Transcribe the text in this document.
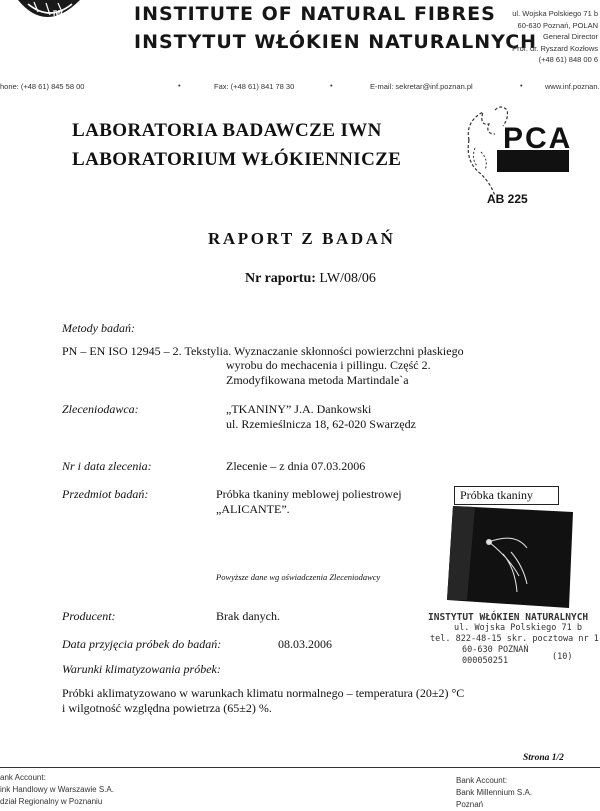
IW	INSTITUTE OF NATURAL FIBRES
INSTYTUT WŁÓKIEN NATURALNYCH
ul. Wojska Polskiego 71 b
60-630 Poznań, POLAN
General Director
Prof. dr. Ryszard Kozłows
(+48 61) 848 00 6
hone: (+48 61) 845 58 00	•	Fax: (+48 61) 841 78 30	•	E-mail: sekretar@inf.poznan.pl	•	www.inf.poznan.
LABORATORIA BADAWCZE IWN
LABORATORIUM WŁÓKIENNICZE
PCA
AB 225
RAPORT Z BADAŃ
Nr raportu: LW/08/06
Metody badań:
PN – EN ISO 12945 – 2. Tekstylia. Wyznaczanie skłonności powierzchni płaskiego
wyrobu do mechacenia i pillingu. Część 2.
Zmodyfikowana metoda Martindale`a
Zleceniodawca:	„TKANINY” J.A. Dankowski
ul. Rzemieślnicza 18, 62-020 Swarzędz
Nr i data zlecenia:	Zlecenie – z dnia 07.03.2006
Przedmiot badań:	Próbka tkaniny meblowej poliestrowej
„ALICANTE”.
Próbka tkaniny
Powyższe dane wg oświadczenia Zleceniodawcy
Producent:	Brak danych.
Data przyjęcia próbek do badań:	08.03.2006
Warunki klimatyzowania próbek:
Próbki aklimatyzowano w warunkach klimatu normalnego – temperatura (20±2) °C
i wilgotność względna powietrza (65±2) %.
INSTYTUT WŁÓKIEN NATURALNYCH
ul. Wojska Polskiego 71 b
tel. 822-48-15 skr. pocztowa nr 1
60-630 POZNAŃ
000050251	(10)
Strona 1/2
ank Account:
ink Handlowy w Warszawie S.A.
dział Regionalny w Poznaniu
Bank Account:
Bank Millennium S.A.
Poznań
